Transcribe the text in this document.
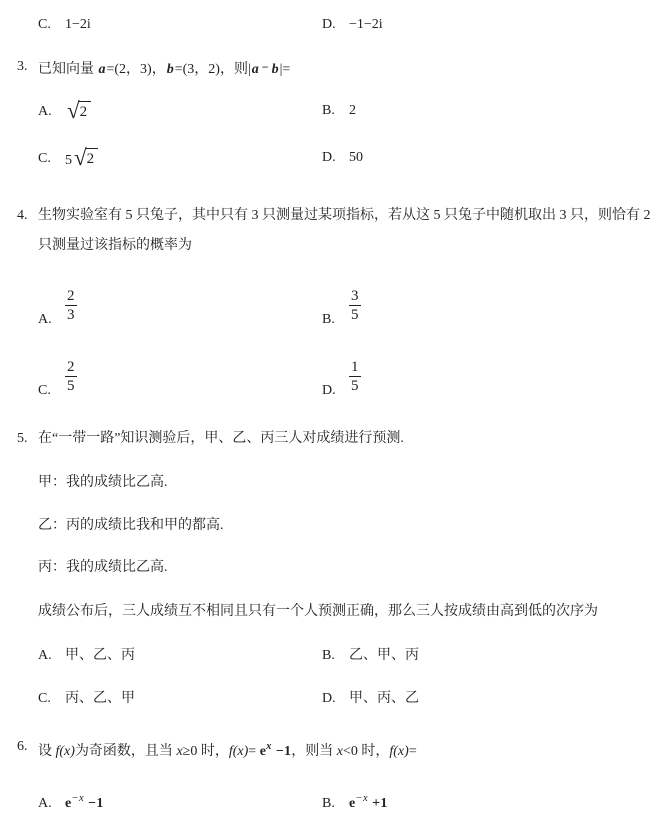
C.	1−2i	D. −1−2i
3. 已知向量 a=(2，3)，b=(3，2)，则|a − b|=
A. √ 2	B.	2
C.	5 √ 2	D. 50
4. 生物实验室有 5 只兔子，其中只有 3 只测量过某项指标，若从这 5 只兔子中随机取出 3 只，则恰有 2
只测量过该指标的概率为
A. $\frac{2}{3}$	B. $\frac{3}{5}$
C. $\frac{2}{5}$	D. $\frac{1}{5}$
5. 在“一带一路”知识测验后，甲、乙、丙三人对成绩进行预测.
甲：我的成绩比乙高.
乙：丙的成绩比我和甲的都高.
丙：我的成绩比乙高.
成绩公布后，三人成绩互不相同且只有一个人预测正确，那么三人按成绩由高到低的次序为
A. 甲、乙、丙	B.	乙、甲、丙
C.	丙、乙、甲	D. 甲、丙、乙
6. 设 f(x)为奇函数，且当 x≥0 时，$f(x)= e^x -1$，则当 x<0 时，f(x)=
A. $e^{-x} -1$	B.	$e^{-x} +1$
